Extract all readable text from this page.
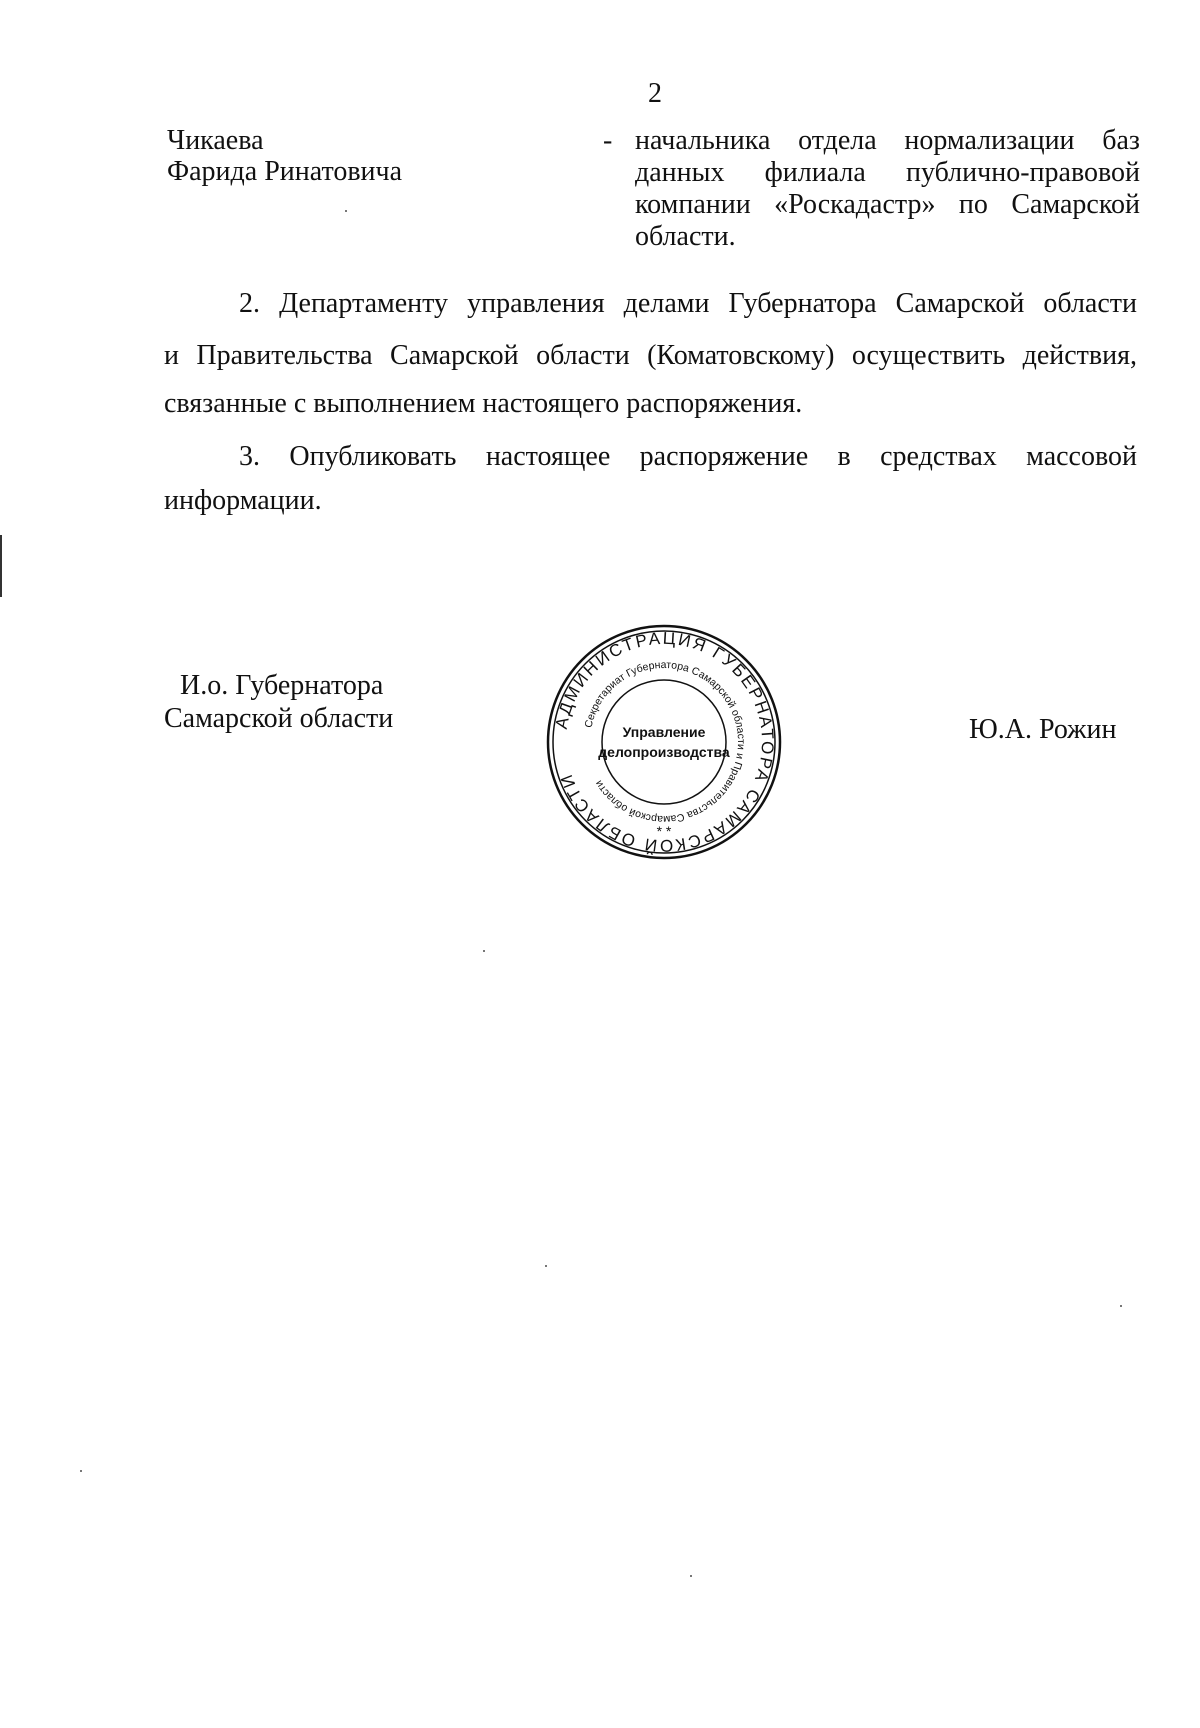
2
Чикаева
Фарида Ринатовича
- начальника отдела нормализации баз
данных филиала публично-правовой
компании «Роскадастр» по Самарской
области.
2. Департаменту управления делами Губернатора Самарской области
и Правительства Самарской области (Коматовскому) осуществить действия,
связанные с выполнением настоящего распоряжения.
3. Опубликовать настоящее распоряжение в средствах массовой
информации.
И.о. Губернатора
Самарской области	Ю.А. Рожин
АДМИНИСТРАЦИЯ ГУБЕРНАТОРА САМАРСКОЙ ОБЛАСТИ
Секретариат Губернатора Самарской области и Правительства Самарской области
Управление
делопроизводства
* *
